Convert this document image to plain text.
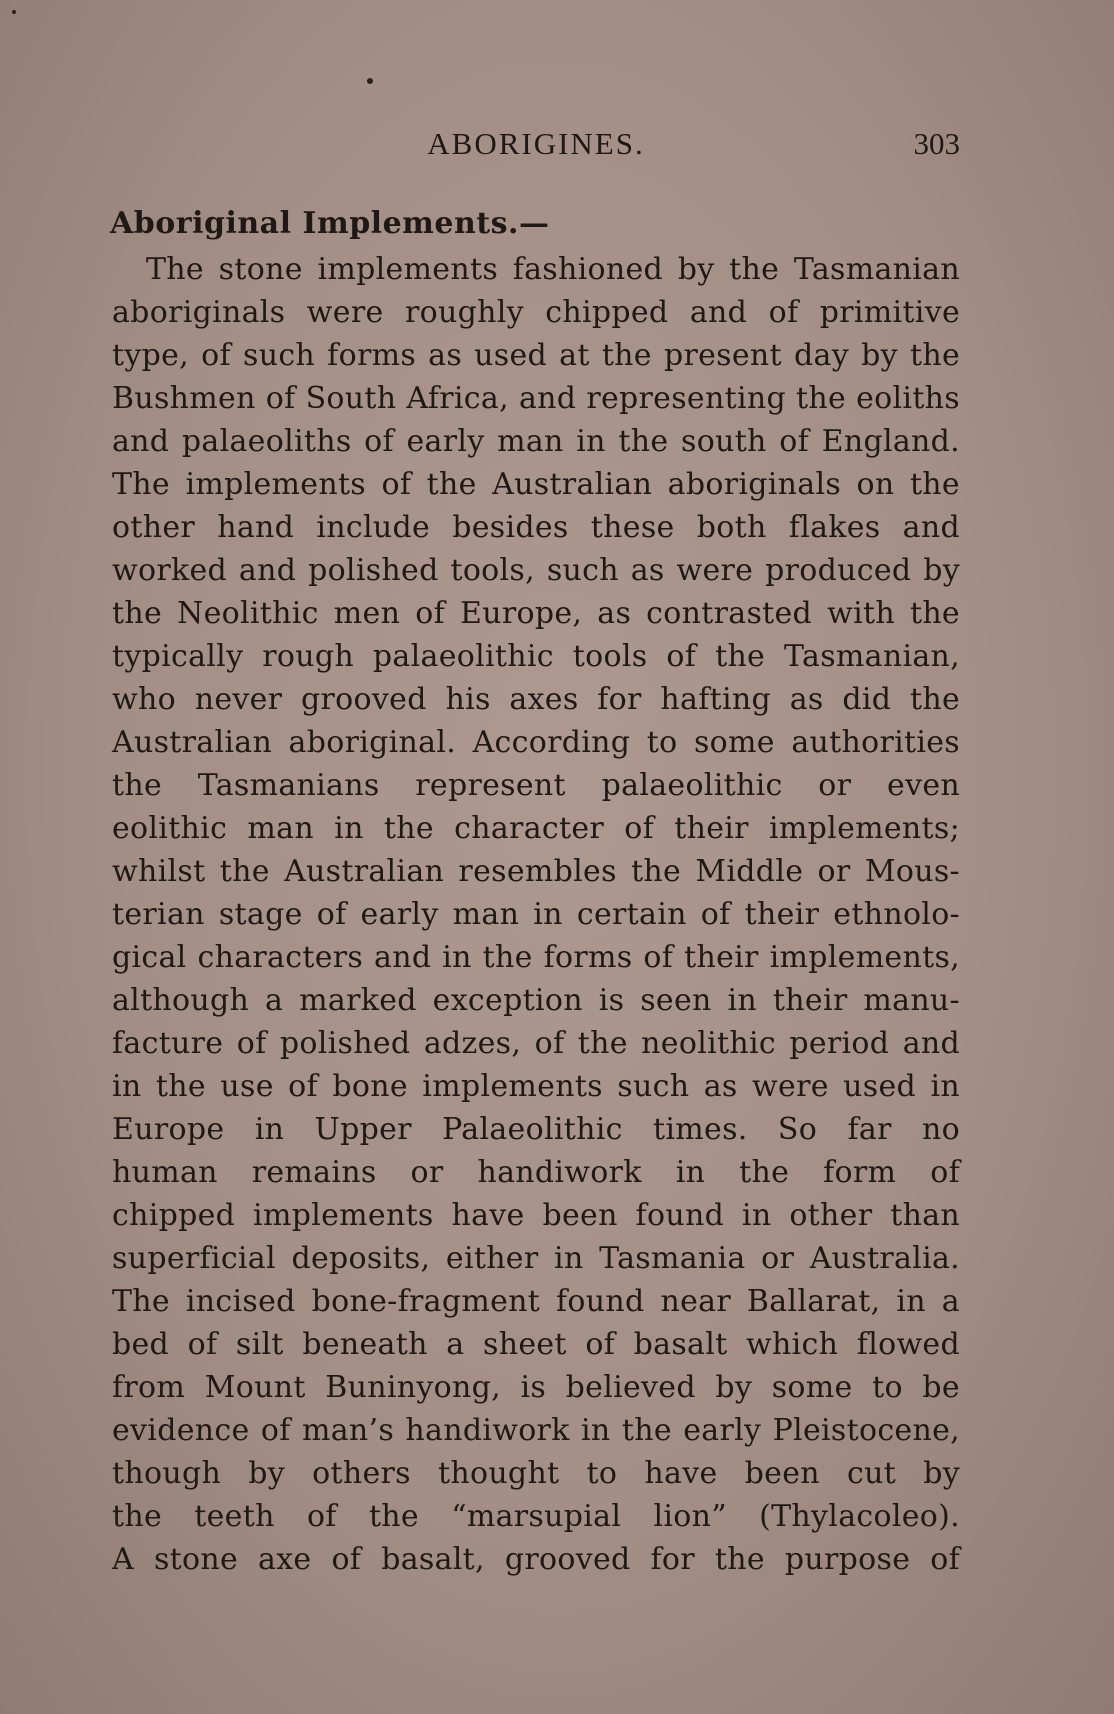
ABORIGINES.	303
Aboriginal Implements.—
The stone implements fashioned by the Tasmanian
aboriginals were roughly chipped and of primitive
type, of such forms as used at the present day by the
Bushmen of South Africa, and representing the eoliths
and palaeoliths of early man in the south of England.
The implements of the Australian aboriginals on the
other hand include besides these both flakes and
worked and polished tools, such as were produced by
the Neolithic men of Europe, as contrasted with the
typically rough palaeolithic tools of the Tasmanian,
who never grooved his axes for hafting as did the
Australian aboriginal. According to some authorities
the Tasmanians represent palaeolithic or even
eolithic man in the character of their implements;
whilst the Australian resembles the Middle or Mous-
terian stage of early man in certain of their ethnolo-
gical characters and in the forms of their implements,
although a marked exception is seen in their manu-
facture of polished adzes, of the neolithic period and
in the use of bone implements such as were used in
Europe in Upper Palaeolithic times. So far no
human remains or handiwork in the form of
chipped implements have been found in other than
superficial deposits, either in Tasmania or Australia.
The incised bone-fragment found near Ballarat, in a
bed of silt beneath a sheet of basalt which flowed
from Mount Buninyong, is believed by some to be
evidence of man’s handiwork in the early Pleistocene,
though by others thought to have been cut by
the teeth of the “marsupial lion” (Thylacoleo).
A stone axe of basalt, grooved for the purpose of
